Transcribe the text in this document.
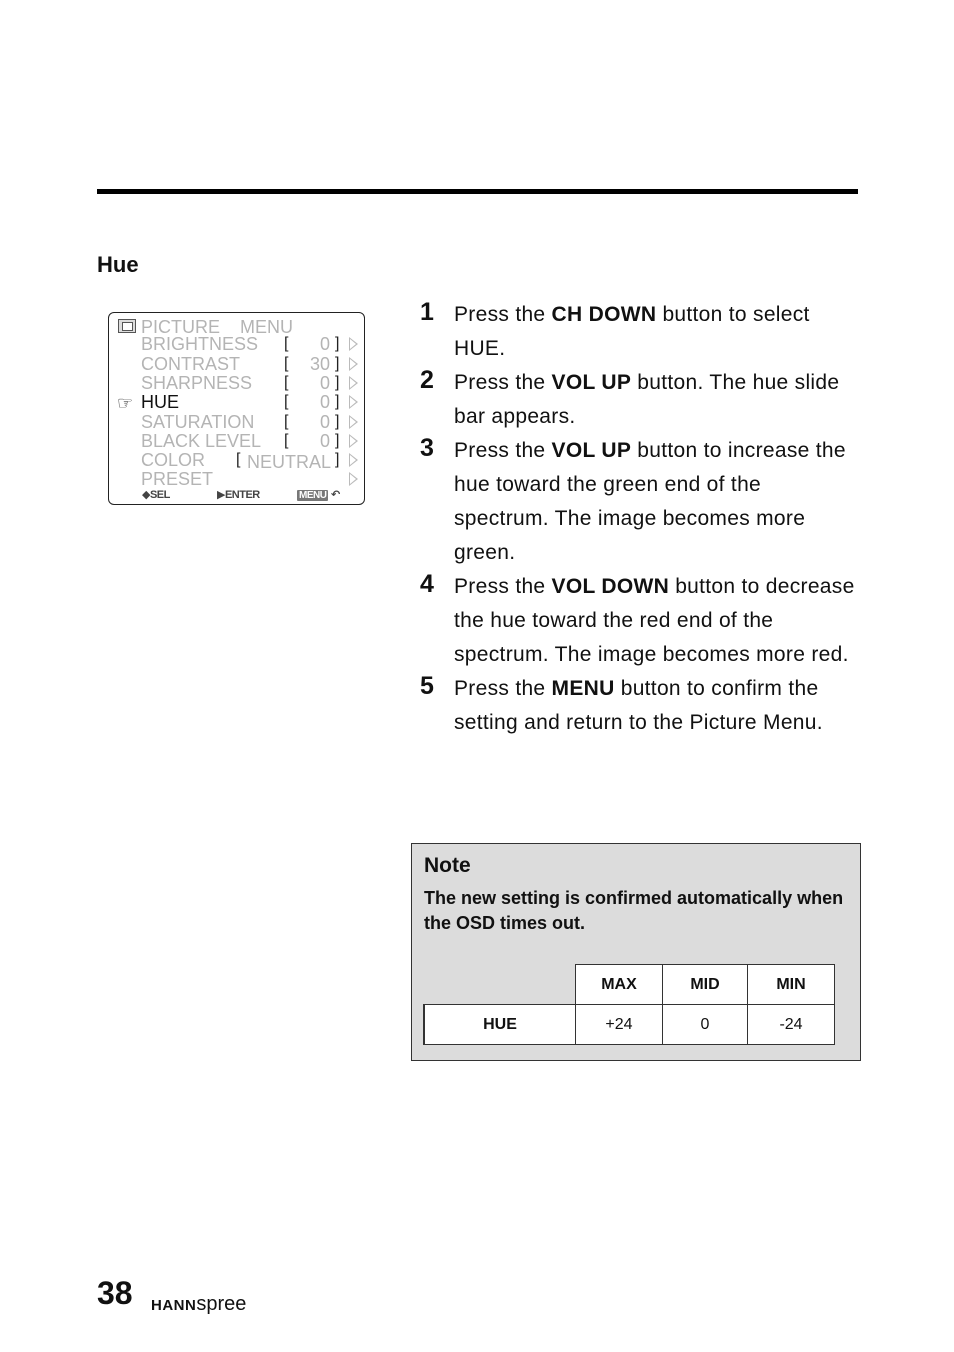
Hue
PICTURE MENU
BRIGHTNESS [ 0 ]
CONTRAST	[ 30 ]
SHARPNESS [ 0 ]
☞ HUE	[ 0 ]
SATURATION [ 0 ]
BLACK LEVEL [ 0 ]
COLOR [ NEUTRAL ]
PRESET
◆SEL	▶ENTER	MENU ↶
1 Press the CH DOWN button to select HUE.
2 Press the VOL UP button. The hue slide bar appears.
3 Press the VOL UP button to increase the hue toward the green end of the spectrum. The image becomes more green.
4 Press the VOL DOWN button to decrease the hue toward the red end of the spectrum. The image becomes more red.
5 Press the MENU button to confirm the setting and return to the Picture Menu.
Note
The new setting is confirmed automatically when the OSD times out.
	MAX	MID	MIN
HUE	+24	0	-24
38 HANNspree
